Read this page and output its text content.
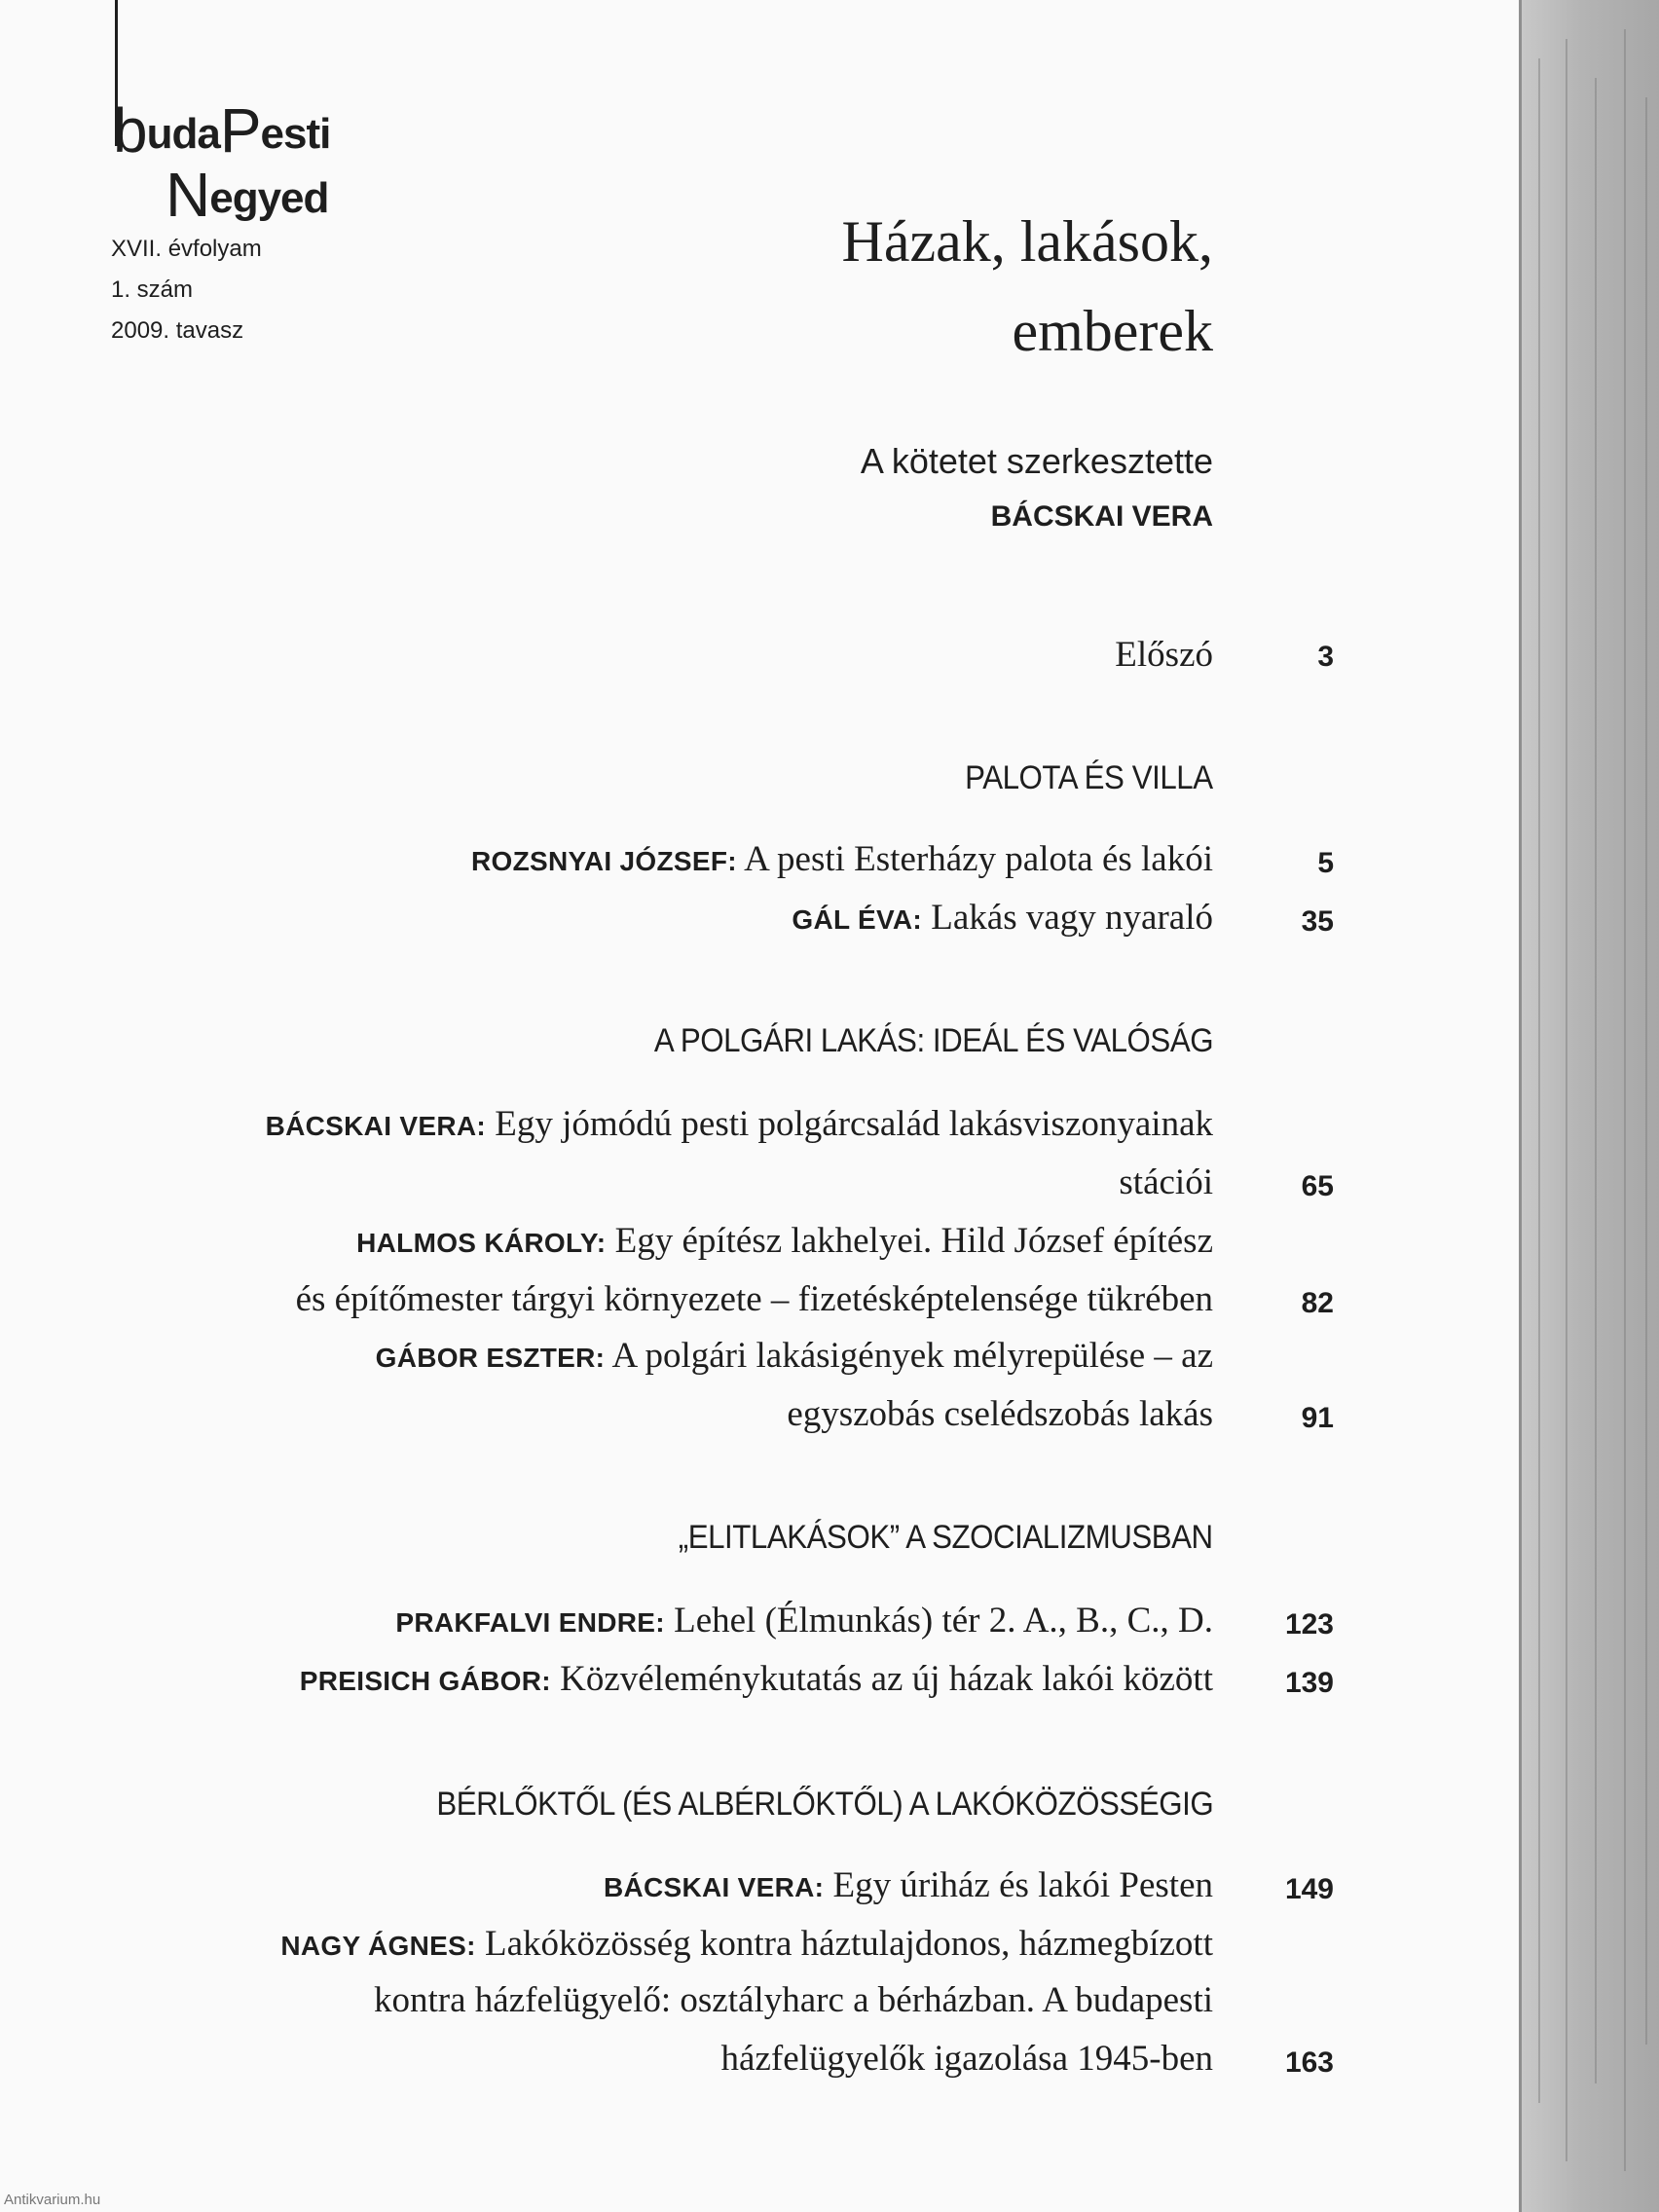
budaPesti
Negyed
XVII. évfolyam
1. szám
2009. tavasz
Házak, lakások,
emberek
A kötetet szerkesztette
BÁCSKAI VERA
Előszó	3
PALOTA ÉS VILLA
ROZSNYAI JÓZSEF: A pesti Esterházy palota és lakói	5
GÁL ÉVA: Lakás vagy nyaraló	35
A POLGÁRI LAKÁS: IDEÁL ÉS VALÓSÁG
BÁCSKAI VERA: Egy jómódú pesti polgárcsalád lakásviszonyainak
stációi	65
HALMOS KÁROLY: Egy építész lakhelyei. Hild József építész
és építőmester tárgyi környezete – fizetésképtelensége tükrében	82
GÁBOR ESZTER: A polgári lakásigények mélyrepülése – az
egyszobás cselédszobás lakás	91
„ELITLAKÁSOK” A SZOCIALIZMUSBAN
PRAKFALVI ENDRE: Lehel (Élmunkás) tér 2. A., B., C., D. 123
PREISICH GÁBOR: Közvéleménykutatás az új házak lakói között 139
BÉRLŐKTŐL (ÉS ALBÉRLŐKTŐL) A LAKÓKÖZÖSSÉGIG
BÁCSKAI VERA: Egy úriház és lakói Pesten 149
NAGY ÁGNES: Lakóközösség kontra háztulajdonos, házmegbízott
kontra házfelügyelő: osztályharc a bérházban. A budapesti
házfelügyelők igazolása 1945-ben 163
Antikvarium.hu
